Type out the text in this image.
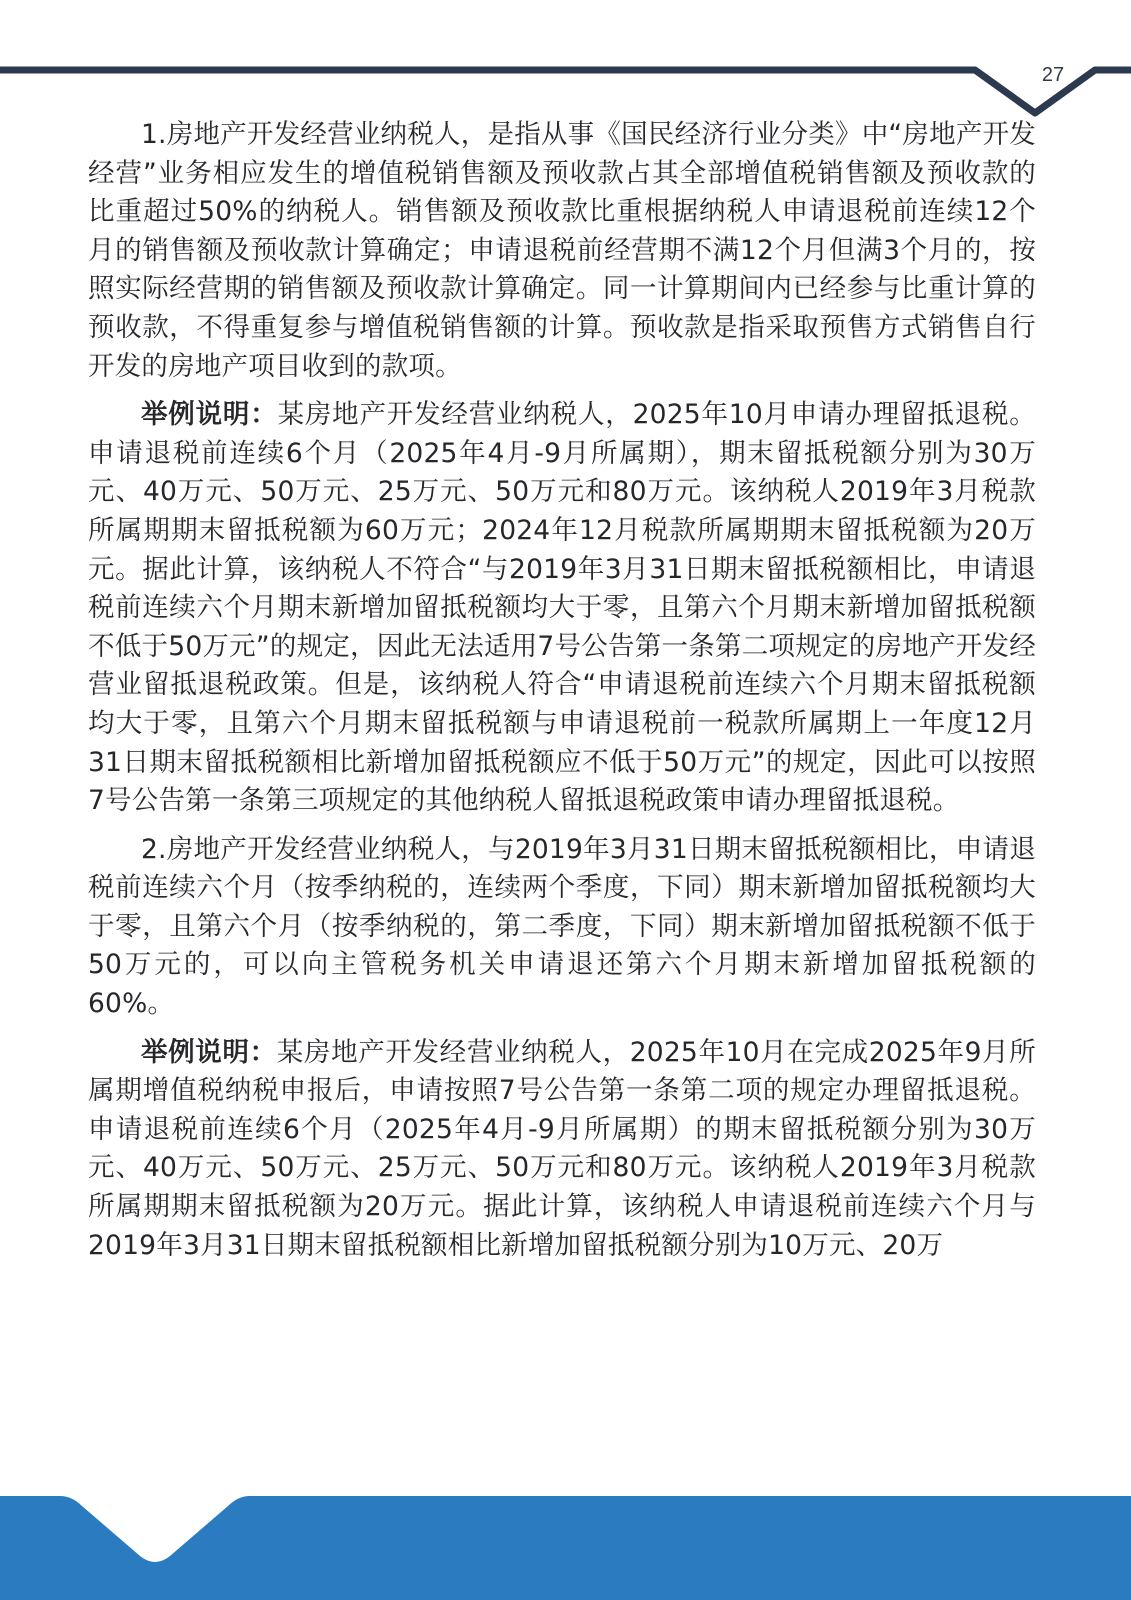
27

1.房地产开发经营业纳税人，是指从事《国民经济行业分类》中“房地产开发经营”业务相应发生的增值税销售额及预收款占其全部增值税销售额及预收款的比重超过50%的纳税人。销售额及预收款比重根据纳税人申请退税前连续12个月的销售额及预收款计算确定；申请退税前经营期不满12个月但满3个月的，按照实际经营期的销售额及预收款计算确定。同一计算期间内已经参与比重计算的预收款，不得重复参与增值税销售额的计算。预收款是指采取预售方式销售自行开发的房地产项目收到的款项。

举例说明：某房地产开发经营业纳税人，2025年10月申请办理留抵退税。申请退税前连续6个月（2025年4月-9月所属期），期末留抵税额分别为30万元、40万元、50万元、25万元、50万元和80万元。该纳税人2019年3月税款所属期期末留抵税额为60万元；2024年12月税款所属期期末留抵税额为20万元。据此计算，该纳税人不符合“与2019年3月31日期末留抵税额相比，申请退税前连续六个月期末新增加留抵税额均大于零，且第六个月期末新增加留抵税额不低于50万元”的规定，因此无法适用7号公告第一条第二项规定的房地产开发经营业留抵退税政策。但是，该纳税人符合“申请退税前连续六个月期末留抵税额均大于零，且第六个月期末留抵税额与申请退税前一税款所属期上一年度12月31日期末留抵税额相比新增加留抵税额应不低于50万元”的规定，因此可以按照7号公告第一条第三项规定的其他纳税人留抵退税政策申请办理留抵退税。

2.房地产开发经营业纳税人，与2019年3月31日期末留抵税额相比，申请退税前连续六个月（按季纳税的，连续两个季度，下同）期末新增加留抵税额均大于零，且第六个月（按季纳税的，第二季度，下同）期末新增加留抵税额不低于50万元的，可以向主管税务机关申请退还第六个月期末新增加留抵税额的60%。

举例说明：某房地产开发经营业纳税人，2025年10月在完成2025年9月所属期增值税纳税申报后，申请按照7号公告第一条第二项的规定办理留抵退税。申请退税前连续6个月（2025年4月-9月所属期）的期末留抵税额分别为30万元、40万元、50万元、25万元、50万元和80万元。该纳税人2019年3月税款所属期期末留抵税额为20万元。据此计算，该纳税人申请退税前连续六个月与2019年3月31日期末留抵税额相比新增加留抵税额分别为10万元、20万
